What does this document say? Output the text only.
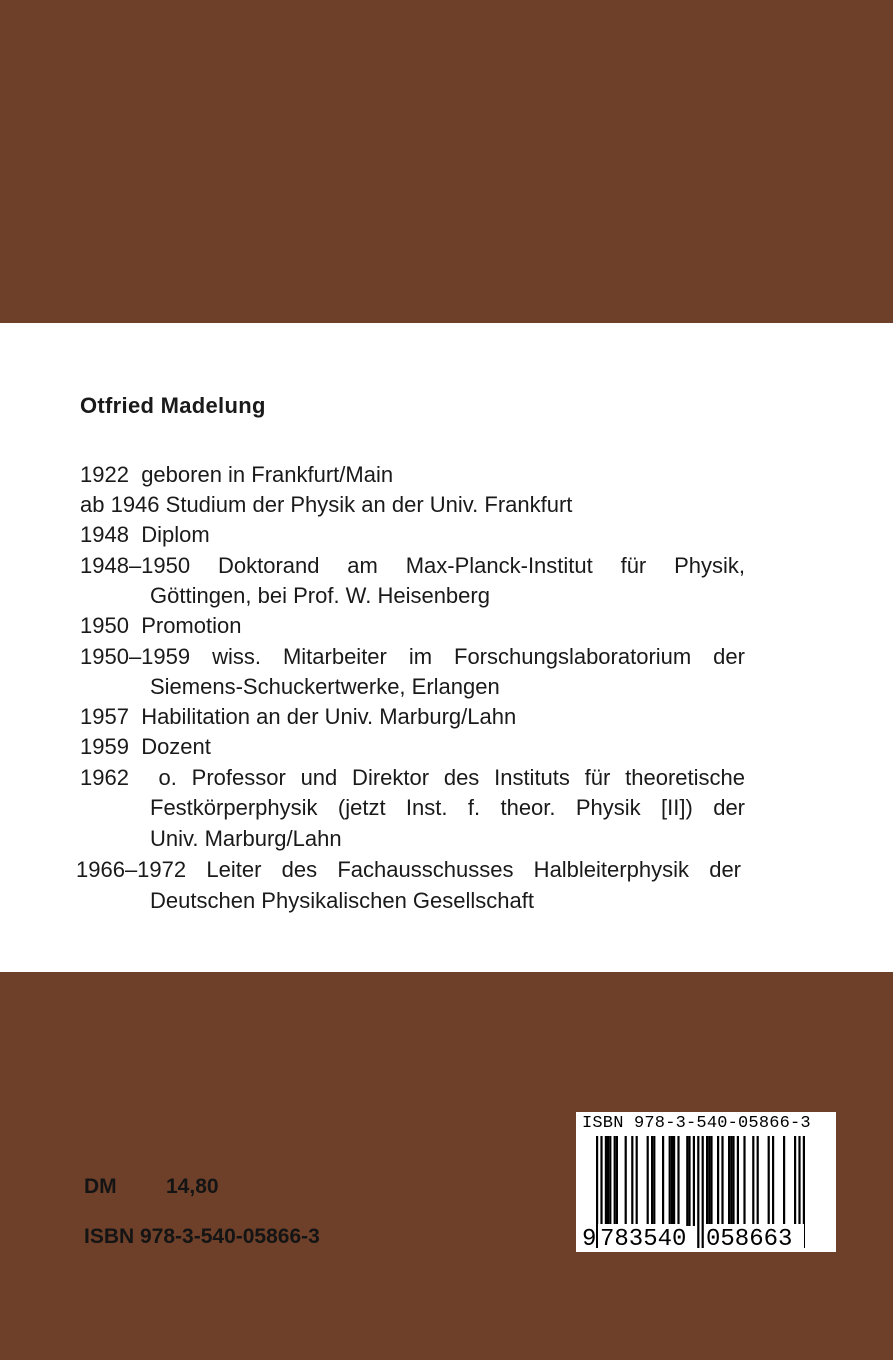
Otfried Madelung
1922 geboren in Frankfurt/Main
ab 1946 Studium der Physik an der Univ. Frankfurt
1948 Diplom
1948–1950 Doktorand am Max-Planck-Institut für Physik,
Göttingen, bei Prof. W. Heisenberg
1950 Promotion
1950–1959 wiss. Mitarbeiter im Forschungslaboratorium der
Siemens-Schuckertwerke, Erlangen
1957 Habilitation an der Univ. Marburg/Lahn
1959 Dozent
1962 o. Professor und Direktor des Instituts für theoretische
Festkörperphysik (jetzt Inst. f. theor. Physik [II]) der
Univ. Marburg/Lahn
1966–1972 Leiter des Fachausschusses Halbleiterphysik der
Deutschen Physikalischen Gesellschaft
DM 14,80
ISBN 978-3-540-05866-3	9 783540 058663
ISBN 978-3-540-05866-3
